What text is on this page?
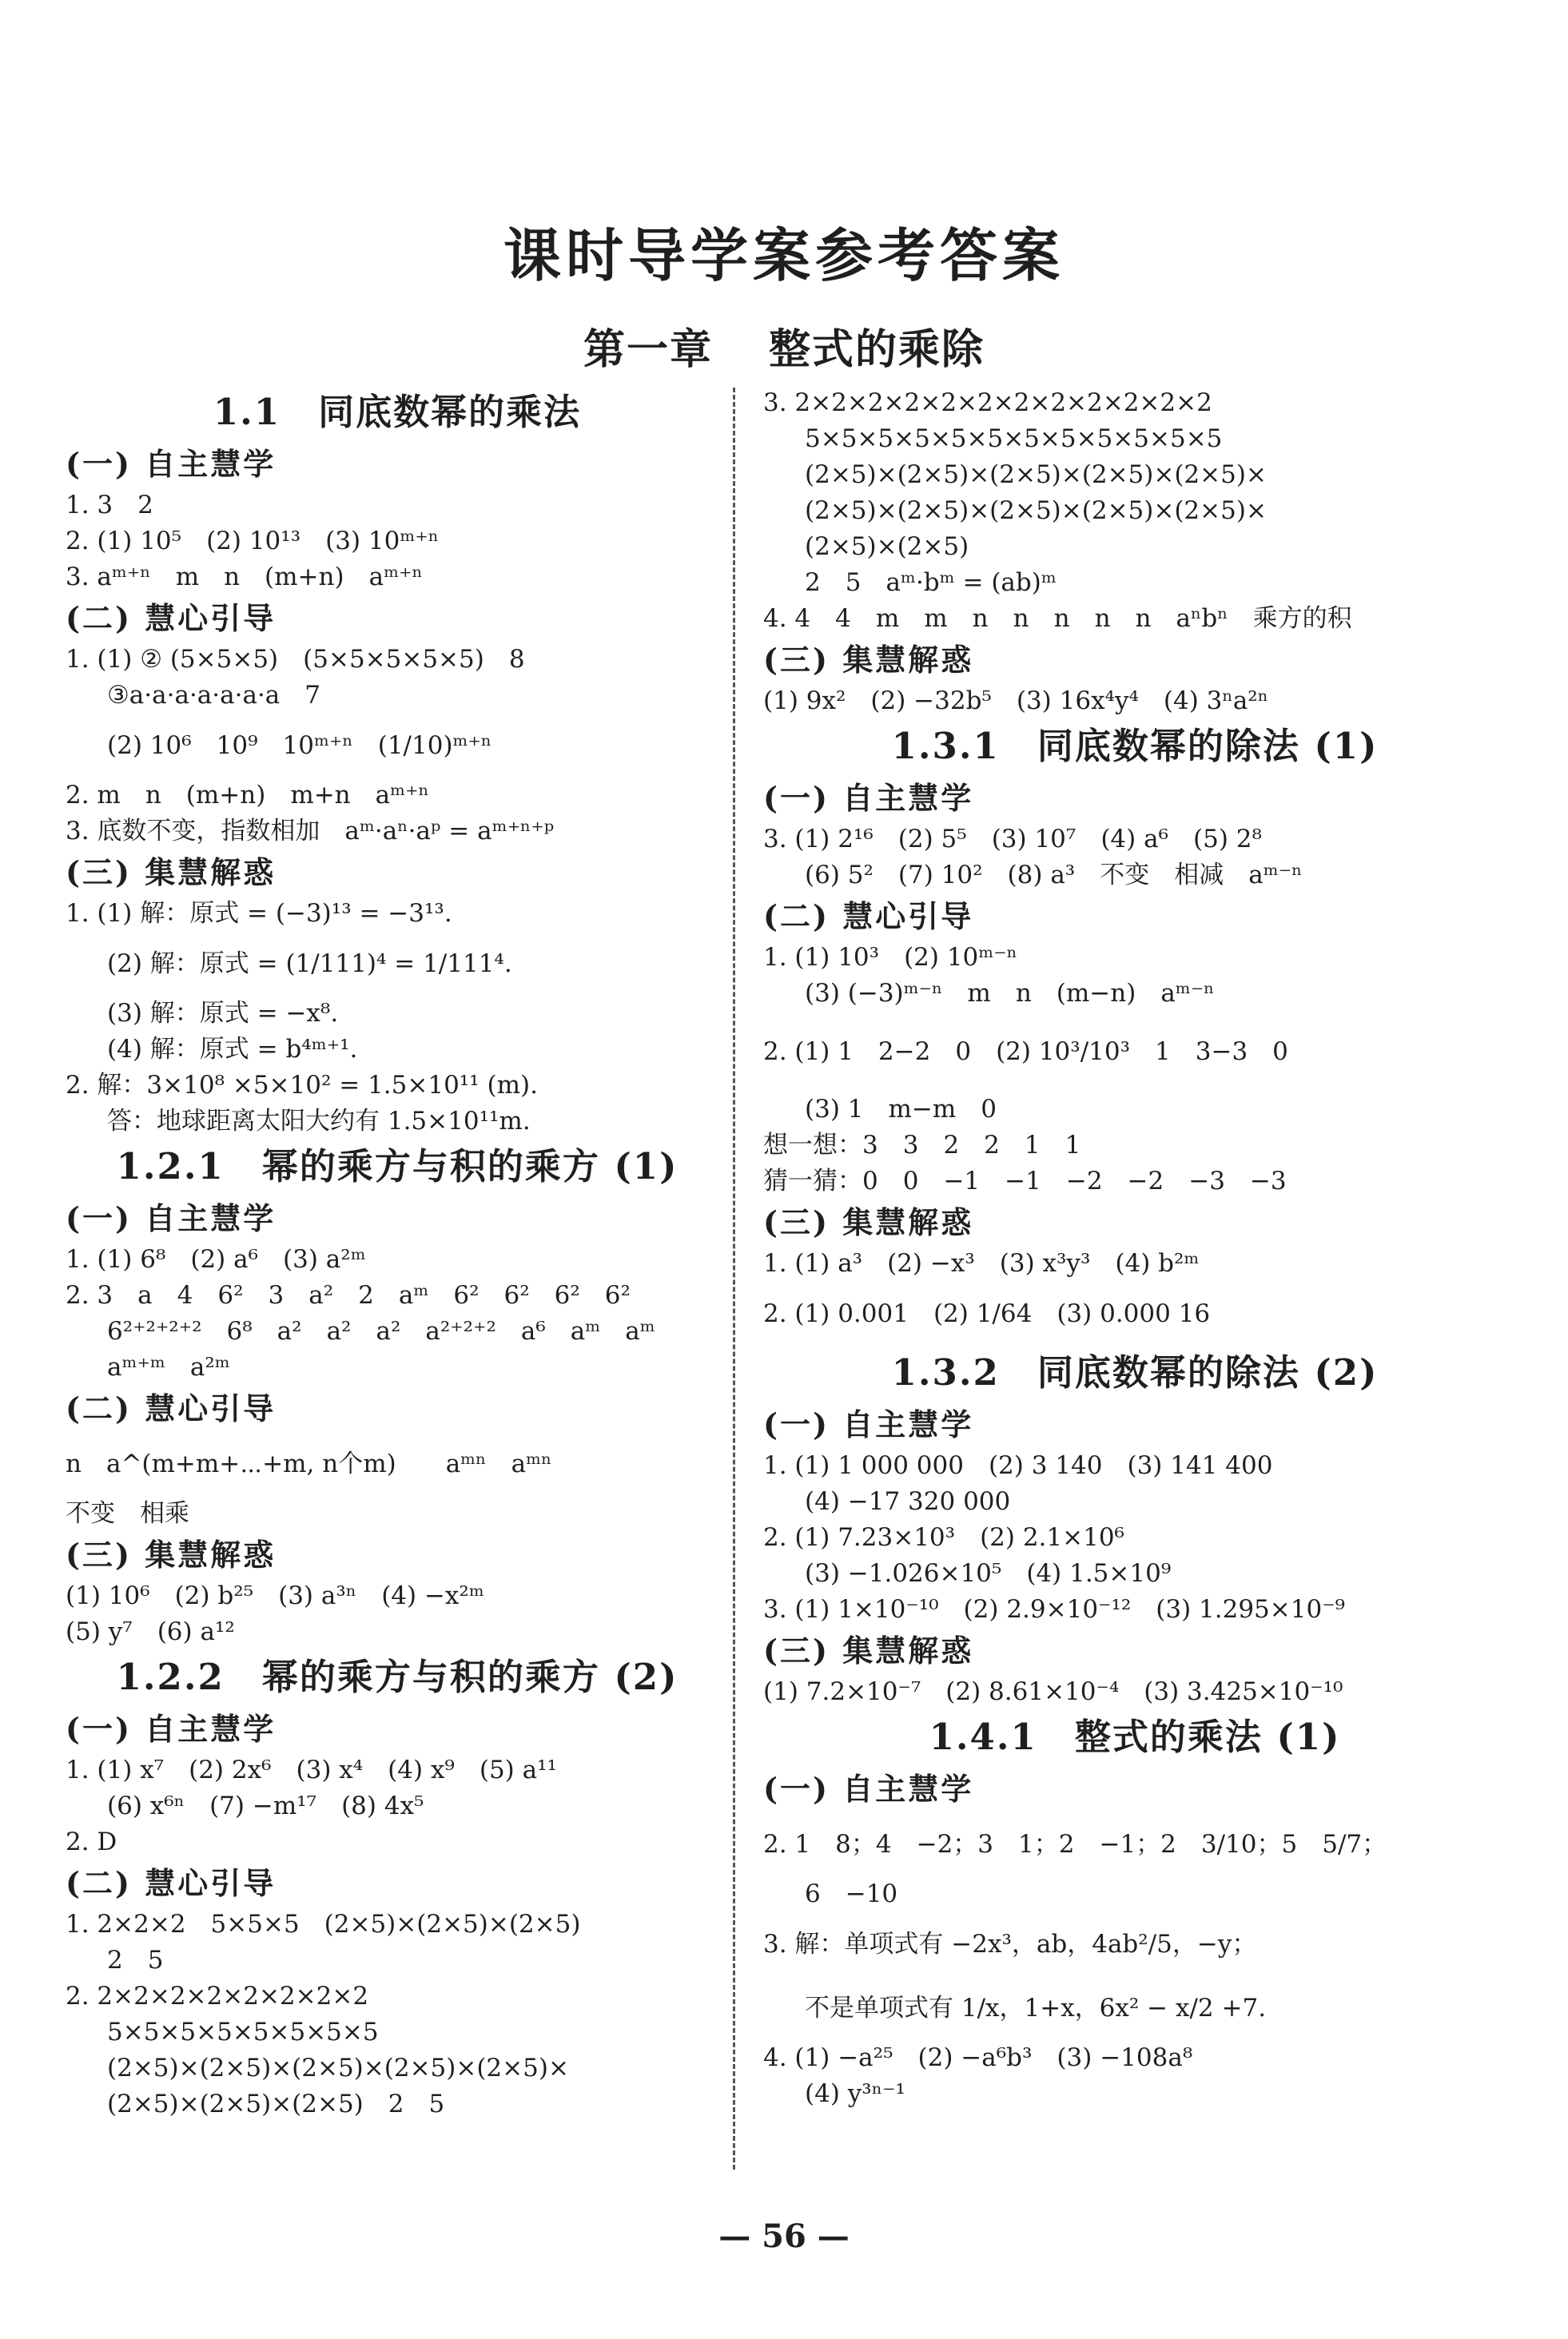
课时导学案参考答案
第一章 整式的乘除
1.1　同底数幂的乘法
(一) 自主慧学
1. 3　2
2. (1) 10⁵　(2) 10¹³　(3) 10ᵐ⁺ⁿ
3. aᵐ⁺ⁿ　m　n　(m+n)　aᵐ⁺ⁿ
(二) 慧心引导
1. (1) ② (5×5×5)　(5×5×5×5×5)　8
③a·a·a·a·a·a·a　7
(2) 10⁶　10⁹　10ᵐ⁺ⁿ　(1/10)ᵐ⁺ⁿ
2. m　n　(m+n)　m+n　aᵐ⁺ⁿ
3. 底数不变，指数相加　aᵐ·aⁿ·aᵖ = aᵐ⁺ⁿ⁺ᵖ
(三) 集慧解惑
1. (1) 解：原式 = (−3)¹³ = −3¹³.
(2) 解：原式 = (1/111)⁴ = 1/111⁴.
(3) 解：原式 = −x⁸.
(4) 解：原式 = b⁴ᵐ⁺¹.
2. 解：3×10⁸ ×5×10² = 1.5×10¹¹ (m).
答：地球距离太阳大约有 1.5×10¹¹m.
1.2.1　幂的乘方与积的乘方 (1)
(一) 自主慧学
1. (1) 6⁸　(2) a⁶　(3) a²ᵐ
2. 3　a　4　6²　3　a²　2　aᵐ　6²　6²　6²　6²
6²⁺²⁺²⁺²　6⁸　a²　a²　a²　a²⁺²⁺²　a⁶　aᵐ　aᵐ
aᵐ⁺ᵐ　a²ᵐ
(二) 慧心引导
n　a^(m+m+⋯+m, n个m)　　aᵐⁿ　aᵐⁿ
不变　相乘
(三) 集慧解惑
(1) 10⁶　(2) b²⁵　(3) a³ⁿ　(4) −x²ᵐ
(5) y⁷　(6) a¹²
1.2.2　幂的乘方与积的乘方 (2)
(一) 自主慧学
1. (1) x⁷　(2) 2x⁶　(3) x⁴　(4) x⁹　(5) a¹¹
(6) x⁶ⁿ　(7) −m¹⁷　(8) 4x⁵
2. D
(二) 慧心引导
1. 2×2×2　5×5×5　(2×5)×(2×5)×(2×5)
2　5
2. 2×2×2×2×2×2×2×2
5×5×5×5×5×5×5×5
(2×5)×(2×5)×(2×5)×(2×5)×(2×5)×
(2×5)×(2×5)×(2×5)　2　5
3. 2×2×2×2×2×2×2×2×2×2×2×2
5×5×5×5×5×5×5×5×5×5×5×5
(2×5)×(2×5)×(2×5)×(2×5)×(2×5)×
(2×5)×(2×5)×(2×5)×(2×5)×(2×5)×
(2×5)×(2×5)
2　5　aᵐ·bᵐ = (ab)ᵐ
4. 4　4　m　m　n　n　n　n　n　aⁿbⁿ　乘方的积
(三) 集慧解惑
(1) 9x²　(2) −32b⁵　(3) 16x⁴y⁴　(4) 3ⁿa²ⁿ
1.3.1　同底数幂的除法 (1)
(一) 自主慧学
3. (1) 2¹⁶　(2) 5⁵　(3) 10⁷　(4) a⁶　(5) 2⁸
(6) 5²　(7) 10²　(8) a³　不变　相减　aᵐ⁻ⁿ
(二) 慧心引导
1. (1) 10³　(2) 10ᵐ⁻ⁿ
(3) (−3)ᵐ⁻ⁿ　m　n　(m−n)　aᵐ⁻ⁿ
2. (1) 1　2−2　0　(2) 10³/10³　1　3−3　0
(3) 1　m−m　0
想一想：3　3　2　2　1　1
猜一猜：0　0　−1　−1　−2　−2　−3　−3
(三) 集慧解惑
1. (1) a³　(2) −x³　(3) x³y³　(4) b²ᵐ
2. (1) 0.001　(2) 1/64　(3) 0.000 16
1.3.2　同底数幂的除法 (2)
(一) 自主慧学
1. (1) 1 000 000　(2) 3 140　(3) 141 400
(4) −17 320 000
2. (1) 7.23×10³　(2) 2.1×10⁶
(3) −1.026×10⁵　(4) 1.5×10⁹
3. (1) 1×10⁻¹⁰　(2) 2.9×10⁻¹²　(3) 1.295×10⁻⁹
(三) 集慧解惑
(1) 7.2×10⁻⁷　(2) 8.61×10⁻⁴　(3) 3.425×10⁻¹⁰
1.4.1　整式的乘法 (1)
(一) 自主慧学
2. 1　8；4　−2；3　1；2　−1；2　3/10；5　5/7；
6　−10
3. 解：单项式有 −2x³，ab，4ab²/5，−y；
不是单项式有 1/x，1+x，6x² − x/2 +7.
4. (1) −a²⁵　(2) −a⁶b³　(3) −108a⁸
(4) y³ⁿ⁻¹
— 56 —
